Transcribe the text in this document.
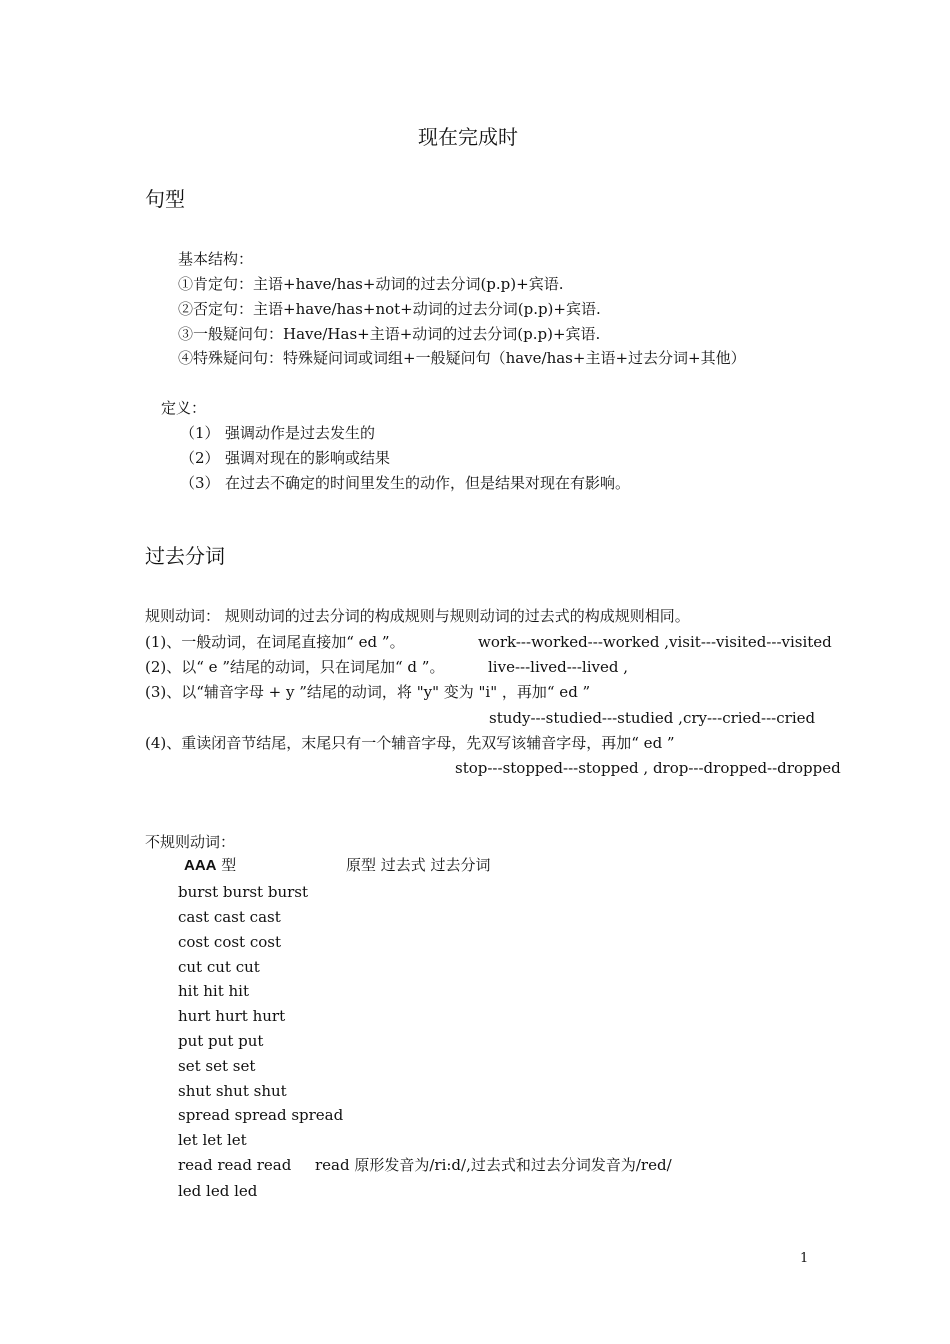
现在完成时
句型
基本结构：
①肯定句：主语+have/has+动词的过去分词(p.p)+宾语.
②否定句：主语+have/has+not+动词的过去分词(p.p)+宾语.
③一般疑问句：Have/Has+主语+动词的过去分词(p.p)+宾语.
④特殊疑问句：特殊疑问词或词组+一般疑问句（have/has+主语+过去分词+其他）
定义：
（1） 强调动作是过去发生的
（2） 强调对现在的影响或结果
（3） 在过去不确定的时间里发生的动作，但是结果对现在有影响。
过去分词
规则动词： 规则动词的过去分词的构成规则与规则动词的过去式的构成规则相同。
(1)、一般动词，在词尾直接加“ ed ”。	work---worked---worked ,visit---visited---visited
(2)、以“ e ”结尾的动词，只在词尾加“ d ”。	live---lived---lived ,
(3)、以“辅音字母 + y ”结尾的动词，将 "y" 变为 "i" ，再加“ ed ”
study---studied---studied ,cry---cried---cried
(4)、重读闭音节结尾，末尾只有一个辅音字母，先双写该辅音字母，再加“ ed ”
stop---stopped---stopped , drop---dropped--dropped
不规则动词：
AAA 型	原型 过去式 过去分词
burst burst burst
cast cast cast
cost cost cost
cut cut cut
hit hit hit
hurt hurt hurt
put put put
set set set
shut shut shut
spread spread spread
let let let
read read read read 原形发音为/ri:d/,过去式和过去分词发音为/red/
led led led
1
